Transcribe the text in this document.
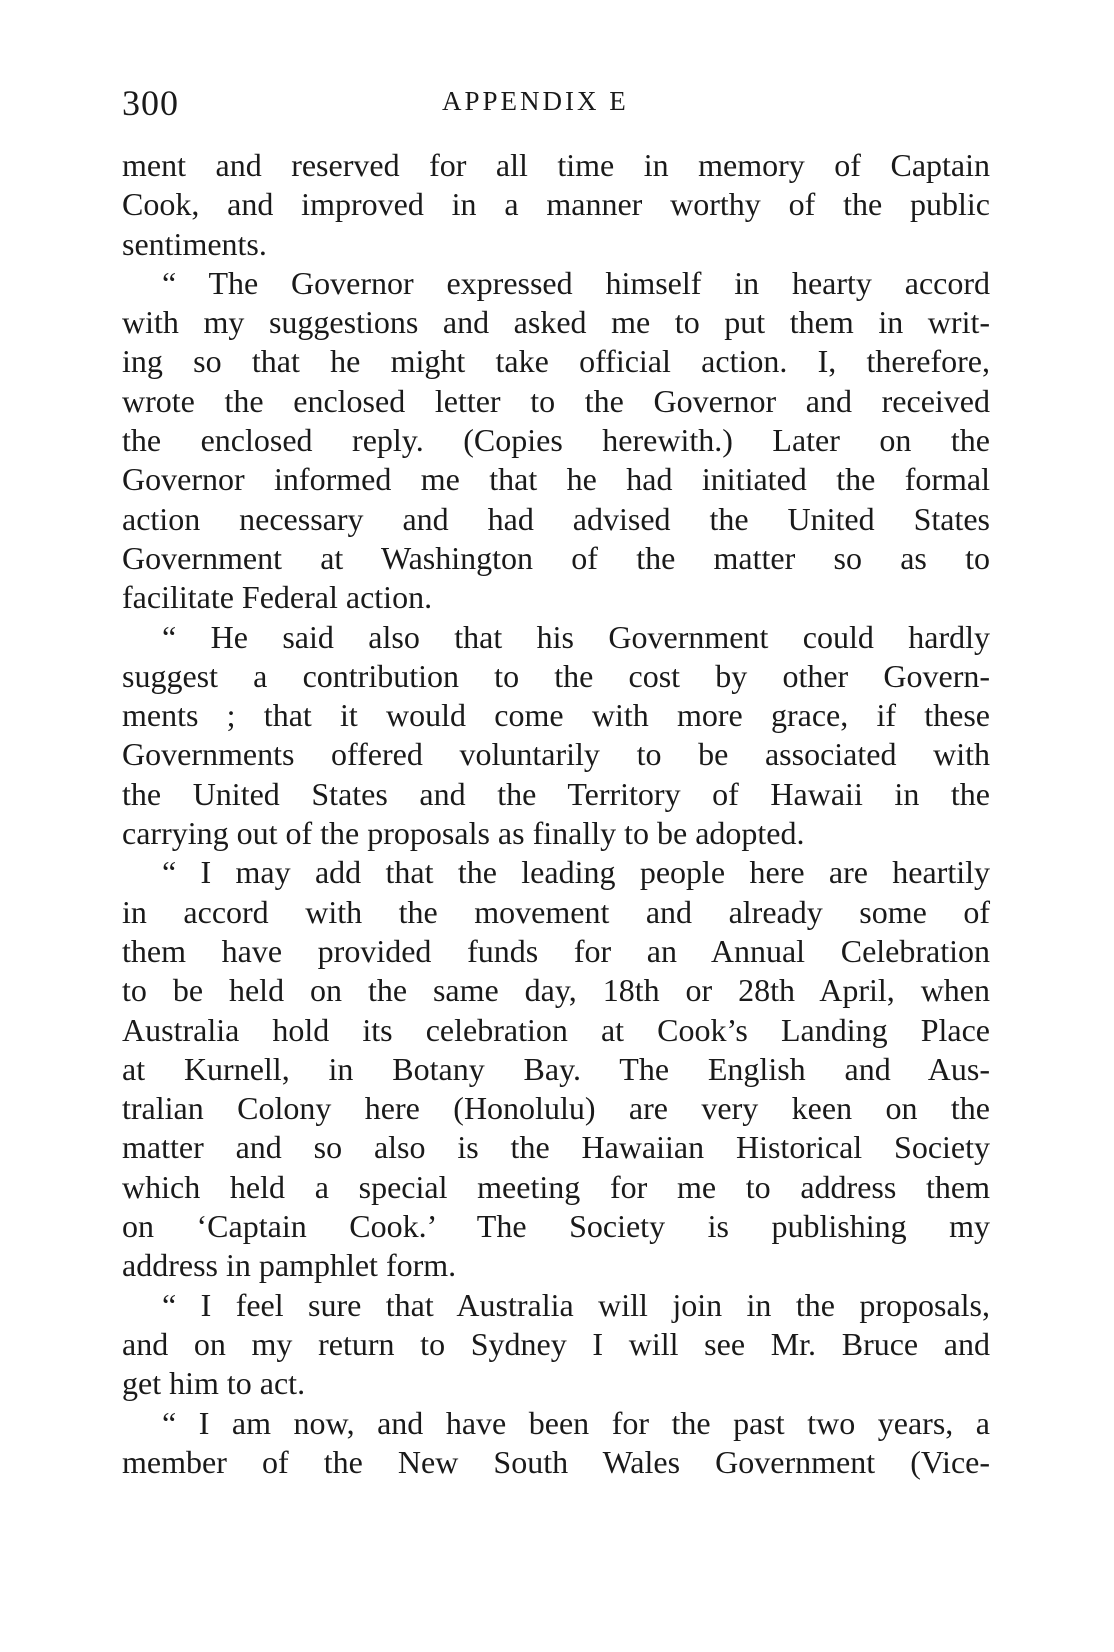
300	APPENDIX E
ment and reserved for all time in memory of Captain
Cook, and improved in a manner worthy of the public
sentiments.
“ The Governor expressed himself in hearty accord
with my suggestions and asked me to put them in writ-
ing so that he might take official action. I, therefore,
wrote the enclosed letter to the Governor and received
the enclosed reply. (Copies herewith.) Later on the
Governor informed me that he had initiated the formal
action necessary and had advised the United States
Government at Washington of the matter so as to
facilitate Federal action.
“ He said also that his Government could hardly
suggest a contribution to the cost by other Govern-
ments ; that it would come with more grace, if these
Governments offered voluntarily to be associated with
the United States and the Territory of Hawaii in the
carrying out of the proposals as finally to be adopted.
“ I may add that the leading people here are heartily
in accord with the movement and already some of
them have provided funds for an Annual Celebration
to be held on the same day, 18th or 28th April, when
Australia hold its celebration at Cook’s Landing Place
at Kurnell, in Botany Bay. The English and Aus-
tralian Colony here (Honolulu) are very keen on the
matter and so also is the Hawaiian Historical Society
which held a special meeting for me to address them
on ‘Captain Cook.’ The Society is publishing my
address in pamphlet form.
“ I feel sure that Australia will join in the proposals,
and on my return to Sydney I will see Mr. Bruce and
get him to act.
“ I am now, and have been for the past two years, a
member of the New South Wales Government (Vice-
